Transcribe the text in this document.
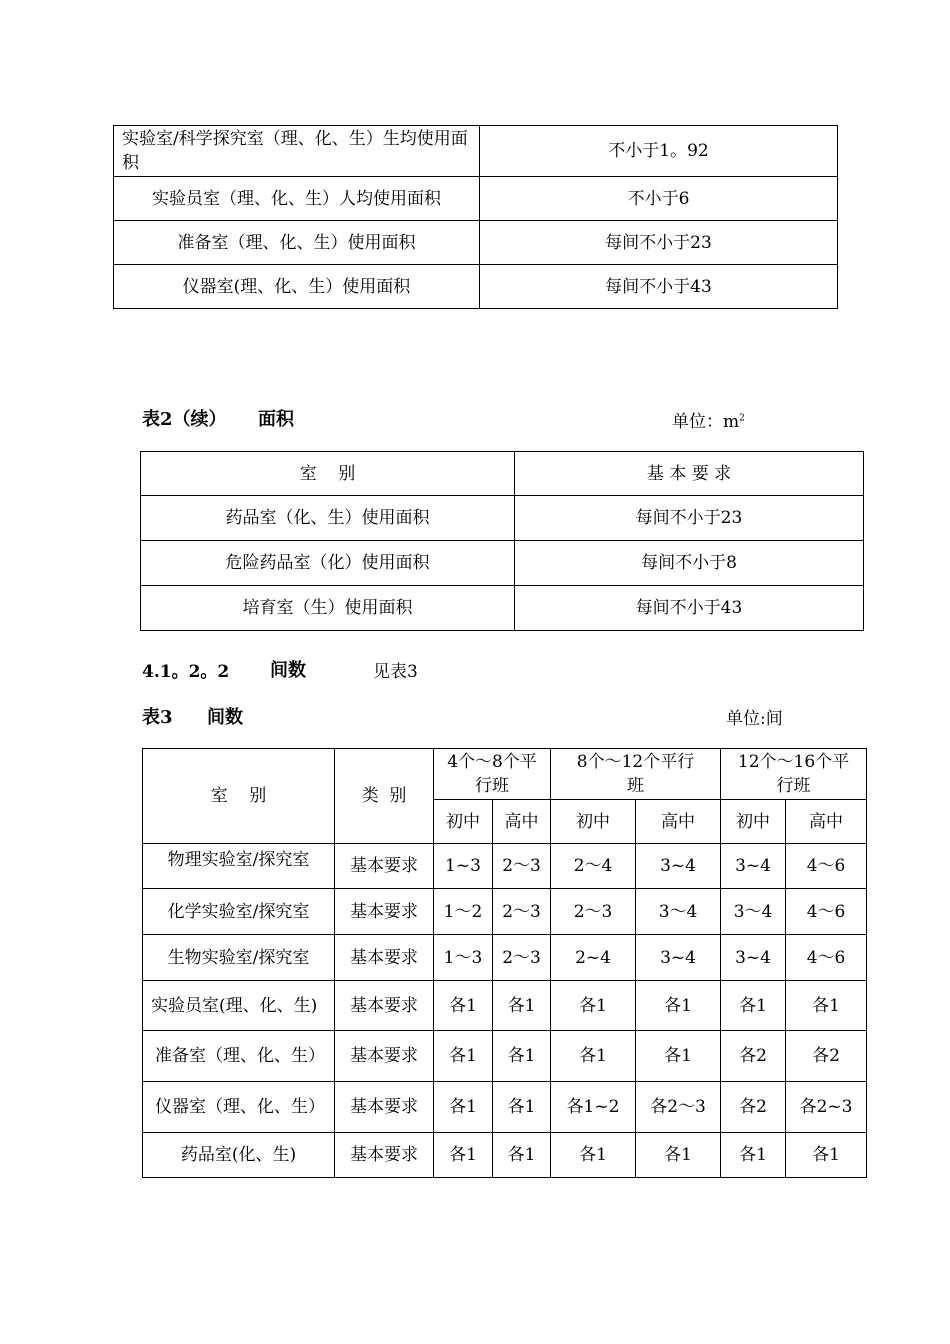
实验室/科学探究室（理、化、生）生均使用面积	不小于1。92
实验员室（理、化、生）人均使用面积	不小于6
准备室（理、化、生）使用面积	每间不小于23
仪器室(理、化、生）使用面积	每间不小于43
表2（续） 面积	单位：$m^2$
室    别	基 本 要 求
药品室（化、生）使用面积	每间不小于23
危险药品室（化）使用面积	每间不小于8
培育室（生）使用面积	每间不小于43
4.1。2。2 间数	见表3
表3 间数	单位:间
室    别	类  别	4个～8个平行班		8个～12个平行班		12个～16个平行班	
		初中	高中	初中	高中	初中	高中
物理实验室/探究室	基本要求	1~3	2～3	2～4	3~4	3~4	4～6
化学实验室/探究室	基本要求	1～2	2～3	2～3	3～4	3～4	4～6
生物实验室/探究室	基本要求	1～3	2～3	2~4	3~4	3~4	4～6
实验员室(理、化、生)	基本要求	各1	各1	各1	各1	各1	各1
准备室（理、化、生）	基本要求	各1	各1	各1	各1	各2	各2
仪器室（理、化、生）	基本要求	各1	各1	各1~2	各2～3	各2	各2~3
药品室(化、生)	基本要求	各1	各1	各1	各1	各1	各1
